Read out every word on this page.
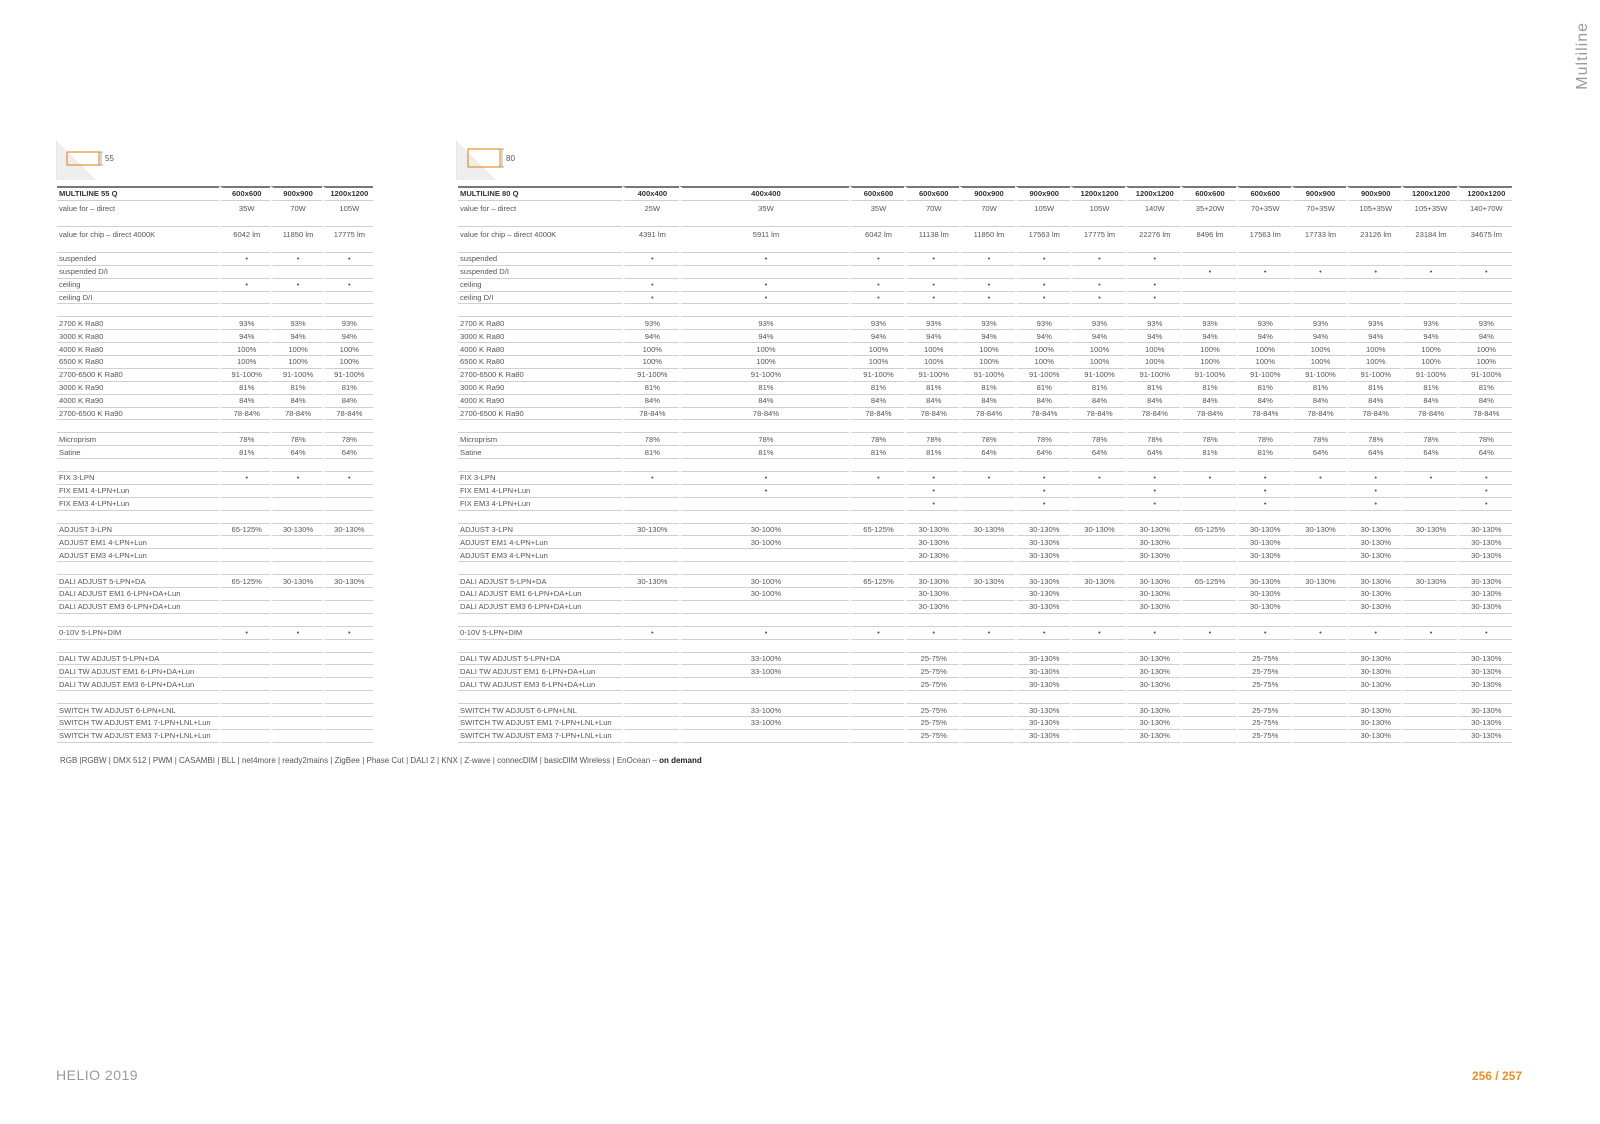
Multiline
55	80
MULTILINE 55 Q	600x600	900x900	1200x1200
value for – direct	35W	70W	105W
value for chip – direct 4000K	6042 lm	11850 lm	17775 lm
suspended	•	•	•
suspended D/I			
ceiling	•	•	•
ceiling D/I			

2700 K Ra80	93%	93%	93%
3000 K Ra80	94%	94%	94%
4000 K Ra80	100%	100%	100%
6500 K Ra80	100%	100%	100%
2700-6500 K Ra80	91-100%	91-100%	91-100%
3000 K Ra90	81%	81%	81%
4000 K Ra90	84%	84%	84%
2700-6500 K Ra90	78-84%	78-84%	78-84%

Microprism	78%	78%	78%
Satine	81%	64%	64%

FIX 3-LPN	•	•	•
FIX EM1 4-LPN+Lun			
FIX EM3 4-LPN+Lun			

ADJUST 3-LPN	65-125%	30-130%	30-130%
ADJUST EM1 4-LPN+Lun			
ADJUST EM3 4-LPN+Lun			

DALI ADJUST 5-LPN+DA	65-125%	30-130%	30-130%
DALI ADJUST EM1 6-LPN+DA+Lun			
DALI ADJUST EM3 6-LPN+DA+Lun			

0-10V 5-LPN+DIM	•	•	•

DALI TW ADJUST 5-LPN+DA			
DALI TW ADJUST EM1 6-LPN+DA+Lun			
DALI TW ADJUST EM3 6-LPN+DA+Lun			

SWITCH TW ADJUST 6-LPN+LNL			
SWITCH TW ADJUST EM1 7-LPN+LNL+Lun			
SWITCH TW ADJUST EM3 7-LPN+LNL+Lun			
MULTILINE 80 Q	400x400	400x400	600x600	600x600	900x900	900x900	1200x1200	1200x1200	600x600	600x600	900x900	900x900	1200x1200	1200x1200
value for – direct	25W	35W	35W	70W	70W	105W	105W	140W	35+20W	70+35W	70+35W	105+35W	105+35W	140+70W
value for chip – direct 4000K	4391 lm	5911 lm	6042 lm	11138 lm	11850 lm	17563 lm	17775 lm	22276 lm	8496 lm	17563 lm	17733 lm	23126 lm	23184 lm	34675 lm
suspended	•	•	•	•	•	•	•	•						
suspended D/I									•	•	•	•	•	•
ceiling	•	•	•	•	•	•	•	•						
ceiling D/I	•	•	•	•	•	•	•	•						

2700 K Ra80	93%	93%	93%	93%	93%	93%	93%	93%	93%	93%	93%	93%	93%	93%
3000 K Ra80	94%	94%	94%	94%	94%	94%	94%	94%	94%	94%	94%	94%	94%	94%
4000 K Ra80	100%	100%	100%	100%	100%	100%	100%	100%	100%	100%	100%	100%	100%	100%
6500 K Ra80	100%	100%	100%	100%	100%	100%	100%	100%	100%	100%	100%	100%	100%	100%
2700-6500 K Ra80	91-100%	91-100%	91-100%	91-100%	91-100%	91-100%	91-100%	91-100%	91-100%	91-100%	91-100%	91-100%	91-100%	91-100%
3000 K Ra90	81%	81%	81%	81%	81%	81%	81%	81%	81%	81%	81%	81%	81%	81%
4000 K Ra90	84%	84%	84%	84%	84%	84%	84%	84%	84%	84%	84%	84%	84%	84%
2700-6500 K Ra90	78-84%	78-84%	78-84%	78-84%	78-84%	78-84%	78-84%	78-84%	78-84%	78-84%	78-84%	78-84%	78-84%	78-84%

Microprism	78%	78%	78%	78%	78%	78%	78%	78%	78%	78%	78%	78%	78%	78%
Satine	81%	81%	81%	81%	64%	64%	64%	64%	81%	81%	64%	64%	64%	64%

FIX 3-LPN	•	•	•	•	•	•	•	•	•	•	•	•	•	•
FIX EM1 4-LPN+Lun		•		•		•		•		•		•		•
FIX EM3 4-LPN+Lun				•		•		•		•		•		•

ADJUST 3-LPN	30-130%	30-100%	65-125%	30-130%	30-130%	30-130%	30-130%	30-130%	65-125%	30-130%	30-130%	30-130%	30-130%	30-130%
ADJUST EM1 4-LPN+Lun		30-100%		30-130%		30-130%		30-130%		30-130%		30-130%		30-130%
ADJUST EM3 4-LPN+Lun				30-130%		30-130%		30-130%		30-130%		30-130%		30-130%

DALI ADJUST 5-LPN+DA	30-130%	30-100%	65-125%	30-130%	30-130%	30-130%	30-130%	30-130%	65-125%	30-130%	30-130%	30-130%	30-130%	30-130%
DALI ADJUST EM1 6-LPN+DA+Lun		30-100%		30-130%		30-130%		30-130%		30-130%		30-130%		30-130%
DALI ADJUST EM3 6-LPN+DA+Lun				30-130%		30-130%		30-130%		30-130%		30-130%		30-130%

0-10V 5-LPN+DIM	•	•	•	•	•	•	•	•	•	•	•	•	•	•

DALI TW ADJUST 5-LPN+DA		33-100%		25-75%		30-130%		30-130%		25-75%		30-130%		30-130%
DALI TW ADJUST EM1 6-LPN+DA+Lun		33-100%		25-75%		30-130%		30-130%		25-75%		30-130%		30-130%
DALI TW ADJUST EM3 6-LPN+DA+Lun				25-75%		30-130%		30-130%		25-75%		30-130%		30-130%

SWITCH TW ADJUST 6-LPN+LNL		33-100%		25-75%		30-130%		30-130%		25-75%		30-130%		30-130%
SWITCH TW ADJUST EM1 7-LPN+LNL+Lun		33-100%		25-75%		30-130%		30-130%		25-75%		30-130%		30-130%
SWITCH TW ADJUST EM3 7-LPN+LNL+Lun				25-75%		30-130%		30-130%		25-75%		30-130%		30-130%
RGB |RGBW | DMX 512 | PWM | CASAMBI | BLL | net4more | ready2mains | ZigBee | Phase Cut | DALI 2 | KNX | Z-wave | connecDIM | basicDIM Wireless | EnOcean – on demand
HELIO 2019	256 / 257
